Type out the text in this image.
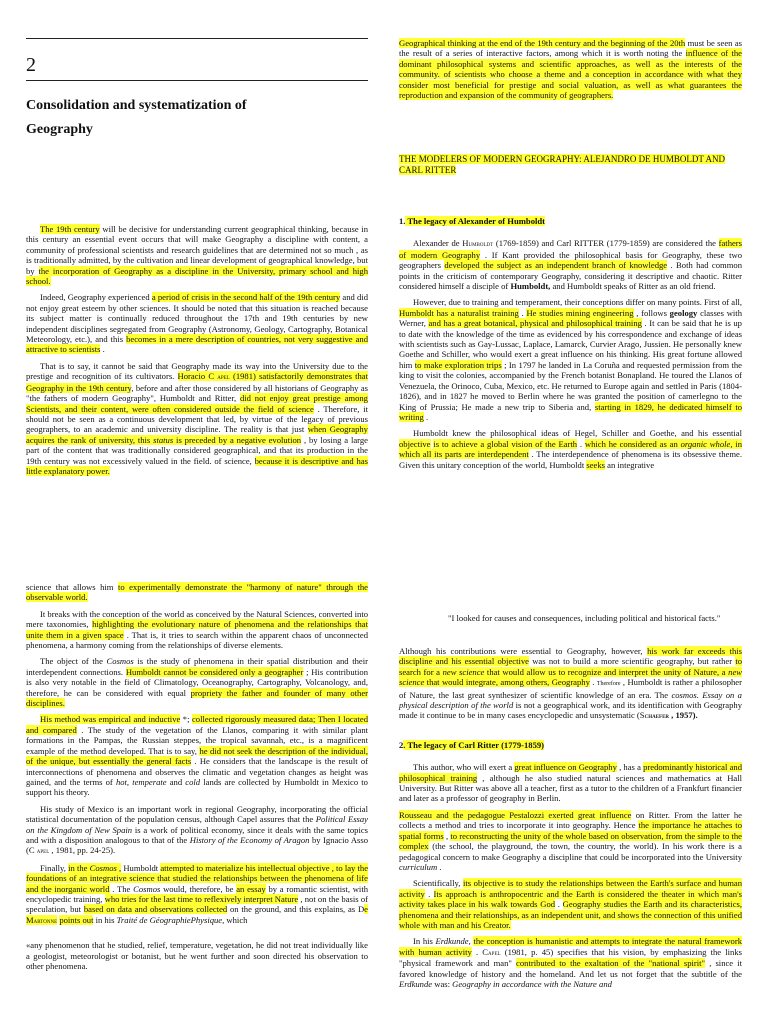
2
Consolidation and systematization of
Geography

The 19th century will be decisive for understanding current geographical thinking, because in this century an essential event occurs that will make Geography a discipline with content, a community of professional scientists and research guidelines that are determined not so much , as is traditionally admitted, by the cultivation and linear development of geographical knowledge, but by the incorporation of Geography as a discipline in the University, primary school and high school.

Indeed, Geography experienced a period of crisis in the second half of the 19th century and did not enjoy great esteem by other sciences. It should be noted that this situation is reached because its subject matter is continually reduced throughout the 17th and 19th centuries by new independent disciplines segregated from Geography (Astronomy, Geology, Cartography, Botanical Meteorology, etc.), and this becomes in a mere description of countries, not very suggestive and attractive to scientists .

That is to say, it cannot be said that Geography made its way into the University due to the prestige and recognition of its cultivators. Horacio C apel (1981) satisfactorily demonstrates that Geography in the 19th century, before and after those considered by all historians of Geography as "the fathers of modern Geography", Humboldt and Ritter, did not enjoy great prestige among Scientists, and their content, were often considered outside the field of science . Therefore, it should not be seen as a continuous development that led, by virtue of the legacy of previous geographers, to an academic and university discipline. The reality is that just when Geography acquires the rank of university, this status is preceded by a negative evolution , by losing a large part of the content that was traditionally considered geographical, and that its production in the 19th century was not excessively valued in the field. of science, because it is descriptive and has little explanatory power.

Geographical thinking at the end of the 19th century and the beginning of the 20th must be seen as the result of a series of interactive factors, among which it is worth noting the influence of the dominant philosophical systems and scientific approaches, as well as the interests of the community. of scientists who choose a theme and a conception in accordance with what they consider most beneficial for prestige and social valuation, as well as what guarantees the reproduction and expansion of the community of geographers.

THE MODELERS OF MODERN GEOGRAPHY: ALEJANDRO DE HUMBOLDT AND CARL RITTER

1. The legacy of Alexander of Humboldt

Alexander de Humboldt (1769-1859) and Carl RITTER (1779-1859) are considered the fathers of modern Geography . If Kant provided the philosophical basis for Geography, these two geographers developed the subject as an independent branch of knowledge . Both had common points in the criticism of contemporary Geography, considering it descriptive and chaotic. Ritter considered himself a disciple of Humboldt, and Humboldt speaks of Ritter as an old friend.

However, due to training and temperament, their conceptions differ on many points. First of all, Humboldt has a naturalist training . He studies mining engineering , follows geology classes with Werner, and has a great botanical, physical and philosophical training . It can be said that he is up to date with the knowledge of the time as evidenced by his correspondence and exchange of ideas with scientists such as Gay-Lussac, Laplace, Lamarck, Curvier Arago, Jussien. He personally knew Goethe and Schiller, who would exert a great influence on his thinking. His great fortune allowed him to make exploration trips ; In 1797 he landed in La Coruña and requested permission from the king to visit the colonies, accompanied by the French botanist Bonapland. He toured the Llanos of Venezuela, the Orinoco, Cuba, Mexico, etc. He returned to Europe again and settled in Paris (1804-1826), and in 1827 he moved to Berlin where he was granted the position of camerlegno to the King of Prussia; He made a new trip to Siberia and, starting in 1829, he dedicated himself to writing .

Humboldt knew the philosophical ideas of Hegel, Schiller and Goethe, and his essential objective is to achieve a global vision of the Earth . which he considered as an organic whole, in which all its parts are interdependent . The interdependence of phenomena is its obsessive theme. Given this unitary conception of the world, Humboldt seeks an integrative

science that allows him to experimentally demonstrate the "harmony of nature" through the observable world.

It breaks with the conception of the world as conceived by the Natural Sciences, converted into mere taxonomies, highlighting the evolutionary nature of phenomena and the relationships that unite them in a given space . That is, it tries to search within the apparent chaos of unconnected phenomena, a harmony coming from the relationships of diverse elements.

The object of the Cosmos is the study of phenomena in their spatial distribution and their interdependent connections. Humboldt cannot be considered only a geographer ; His contribution is also very notable in the field of Climatology, Oceanography, Cartography, Volcanology, and, therefore, he can be considered with equal propriety the father and founder of many other disciplines.

His method was empirical and inductive *; collected rigorously measured data; Then I located and compared . The study of the vegetation of the Llanos, comparing it with similar plant formations in the Pampas, the Russian steppes, the tropical savannah, etc., is a magnificent example of the method developed. That is to say, he did not seek the description of the individual, of the unique, but essentially the general facts . He considers that the landscape is the result of interconnections of phenomena and observes the climatic and vegetation changes as height was gained, and the terms of hot, temperate and cold lands are collected by Humboldt in Mexico to support his theory.

His study of Mexico is an important work in regional Geography, incorporating the official statistical documentation of the population census, although Capel assures that the Political Essay on the Kingdom of New Spain is a work of political economy, since it deals with the same topics and with a disposition analogous to that of the History of the Economy of Aragon by Ignacio Asso (C apel , 1981, pp. 24-25).

Finally, in the Cosmos , Humboldt attempted to materialize his intellectual objective , to lay the foundations of an integrative science that studied the relationships between the phenomena of life and the inorganic world . The Cosmos would, therefore, be an essay by a romantic scientist, with encyclopedic training, who tries for the last time to reflexively interpret Nature , not on the basis of speculation, but based on data and observations collected on the ground, and this explains, as De Martonne points out in his Traité de GéographiePhysique, which

«any phenomenon that he studied, relief, temperature, vegetation, he did not treat individually like a geologist, meteorologist or botanist, but he went further and soon directed his observation to other phenomena.

"I looked for causes and consequences, including political and historical facts."

Although his contributions were essential to Geography, however, his work far exceeds this discipline and his essential objective was not to build a more scientific geography, but rather to search for a new science that would allow us to recognize and interpret the unity of Nature, a new science that would integrate, among others, Geography . Therefore , Humboldt is rather a philosopher of Nature, the last great synthesizer of scientific knowledge of an era. The cosmos. Essay on a physical description of the world is not a geographical work, and its identification with Geography made it continue to be in many cases encyclopedic and unsystematic (Schaefer , 1957).

2. The legacy of Carl Ritter (1779-1859)

This author, who will exert a great influence on Geography , has a predominantly historical and philosophical training , although he also studied natural sciences and mathematics at Hall University. But Ritter was above all a teacher, first as a tutor to the children of a Frankfurt financier and later as a professor of geography in Berlin.

Rousseau and the pedagogue Pestalozzi exerted great influence on Ritter. From the latter he collects a method and tries to incorporate it into geography. Hence the importance he attaches to spatial forms , to reconstructing the unity of the whole based on observation, from the simple to the complex (the school, the playground, the town, the country, the world). In his work there is a pedagogical concern to make Geography a discipline that could be incorporated into the University curriculum .

Scientifically, its objective is to study the relationships between the Earth's surface and human activity . Its approach is anthropocentric and the Earth is considered the theater in which man's activity takes place in his walk towards God . Geography studies the Earth and its characteristics, phenomena and their relationships, as an independent unit, and shows the connection of this unified whole with man and his Creator.

In his Erdkunde, the conception is humanistic and attempts to integrate the natural framework with human activity . Capel (1981, p. 45) specifies that his vision, by emphasizing the links "physical framework and man" contributed to the exaltation of the "national spirit" , since it favored knowledge of history and the homeland. And let us not forget that the subtitle of the Erdkunde was: Geography in accordance with the Nature and
